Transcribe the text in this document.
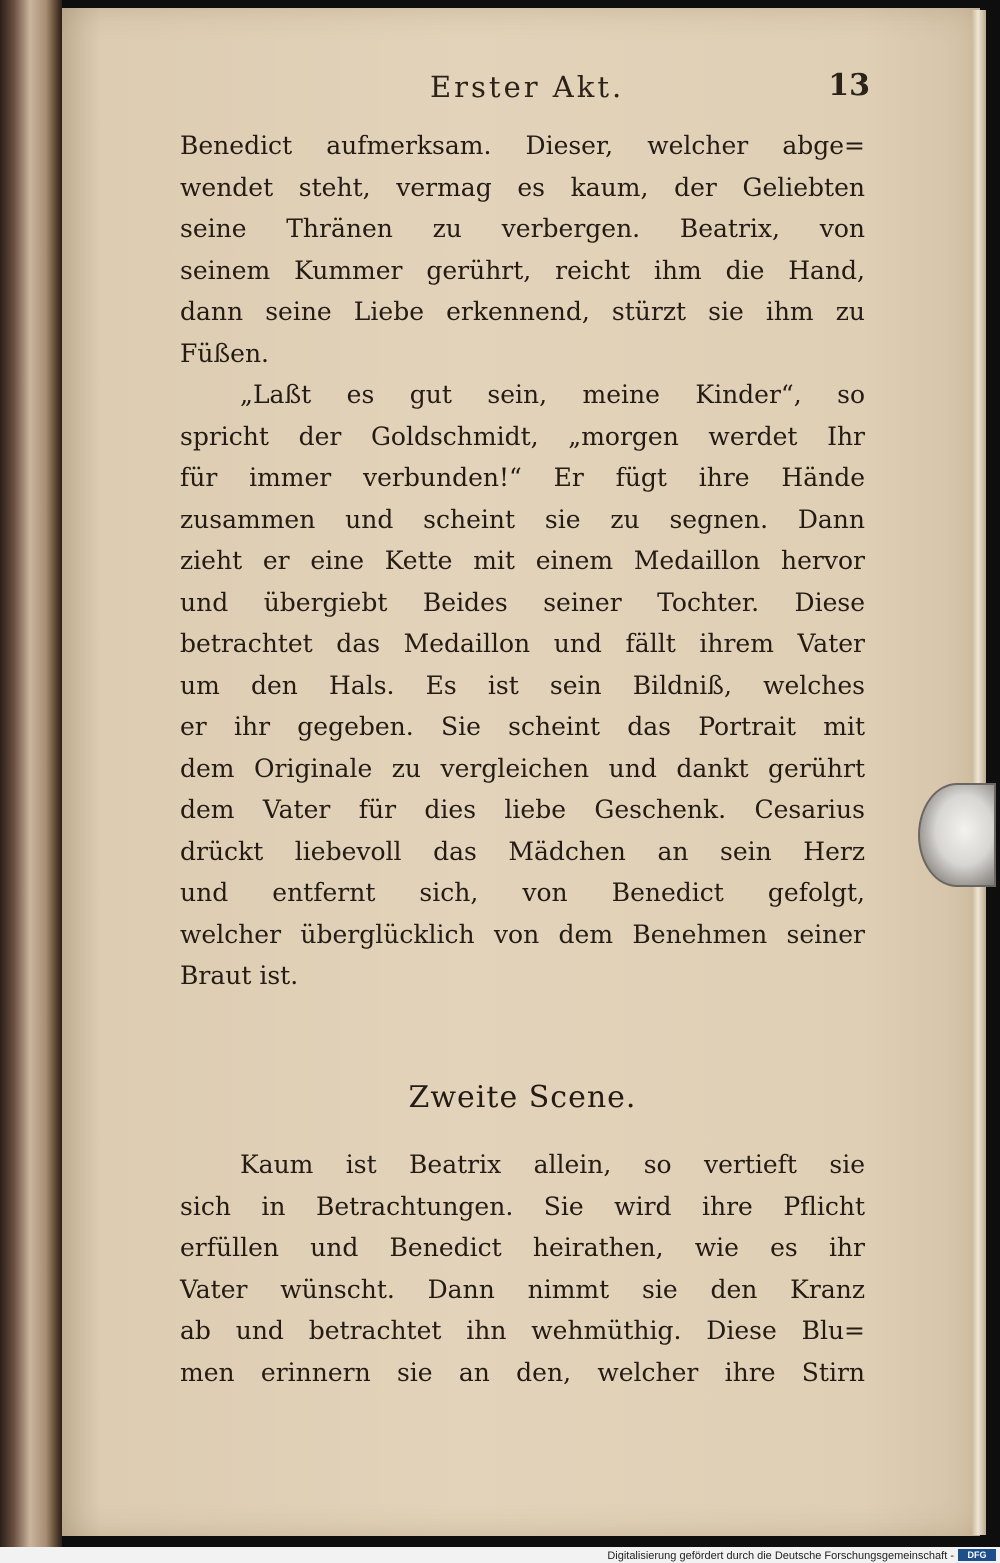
Erster Akt.	13
Benedict aufmerksam. Dieser, welcher abge=
wendet steht, vermag es kaum, der Geliebten
seine Thränen zu verbergen. Beatrix, von
seinem Kummer gerührt, reicht ihm die Hand,
dann seine Liebe erkennend, stürzt sie ihm zu
Füßen.
„Laßt es gut sein, meine Kinder“, so
spricht der Goldschmidt, „morgen werdet Ihr
für immer verbunden!“ Er fügt ihre Hände
zusammen und scheint sie zu segnen. Dann
zieht er eine Kette mit einem Medaillon hervor
und übergiebt Beides seiner Tochter. Diese
betrachtet das Medaillon und fällt ihrem Vater
um den Hals. Es ist sein Bildniß, welches
er ihr gegeben. Sie scheint das Portrait mit
dem Originale zu vergleichen und dankt gerührt
dem Vater für dies liebe Geschenk. Cesarius
drückt liebevoll das Mädchen an sein Herz
und entfernt sich, von Benedict gefolgt,
welcher überglücklich von dem Benehmen seiner
Braut ist.
Zweite Scene.
Kaum ist Beatrix allein, so vertieft sie
sich in Betrachtungen. Sie wird ihre Pflicht
erfüllen und Benedict heirathen, wie es ihr
Vater wünscht. Dann nimmt sie den Kranz
ab und betrachtet ihn wehmüthig. Diese Blu=
men erinnern sie an den, welcher ihre Stirn
Digitalisierung gefördert durch die Deutsche Forschungsgemeinschaft -	DFG
